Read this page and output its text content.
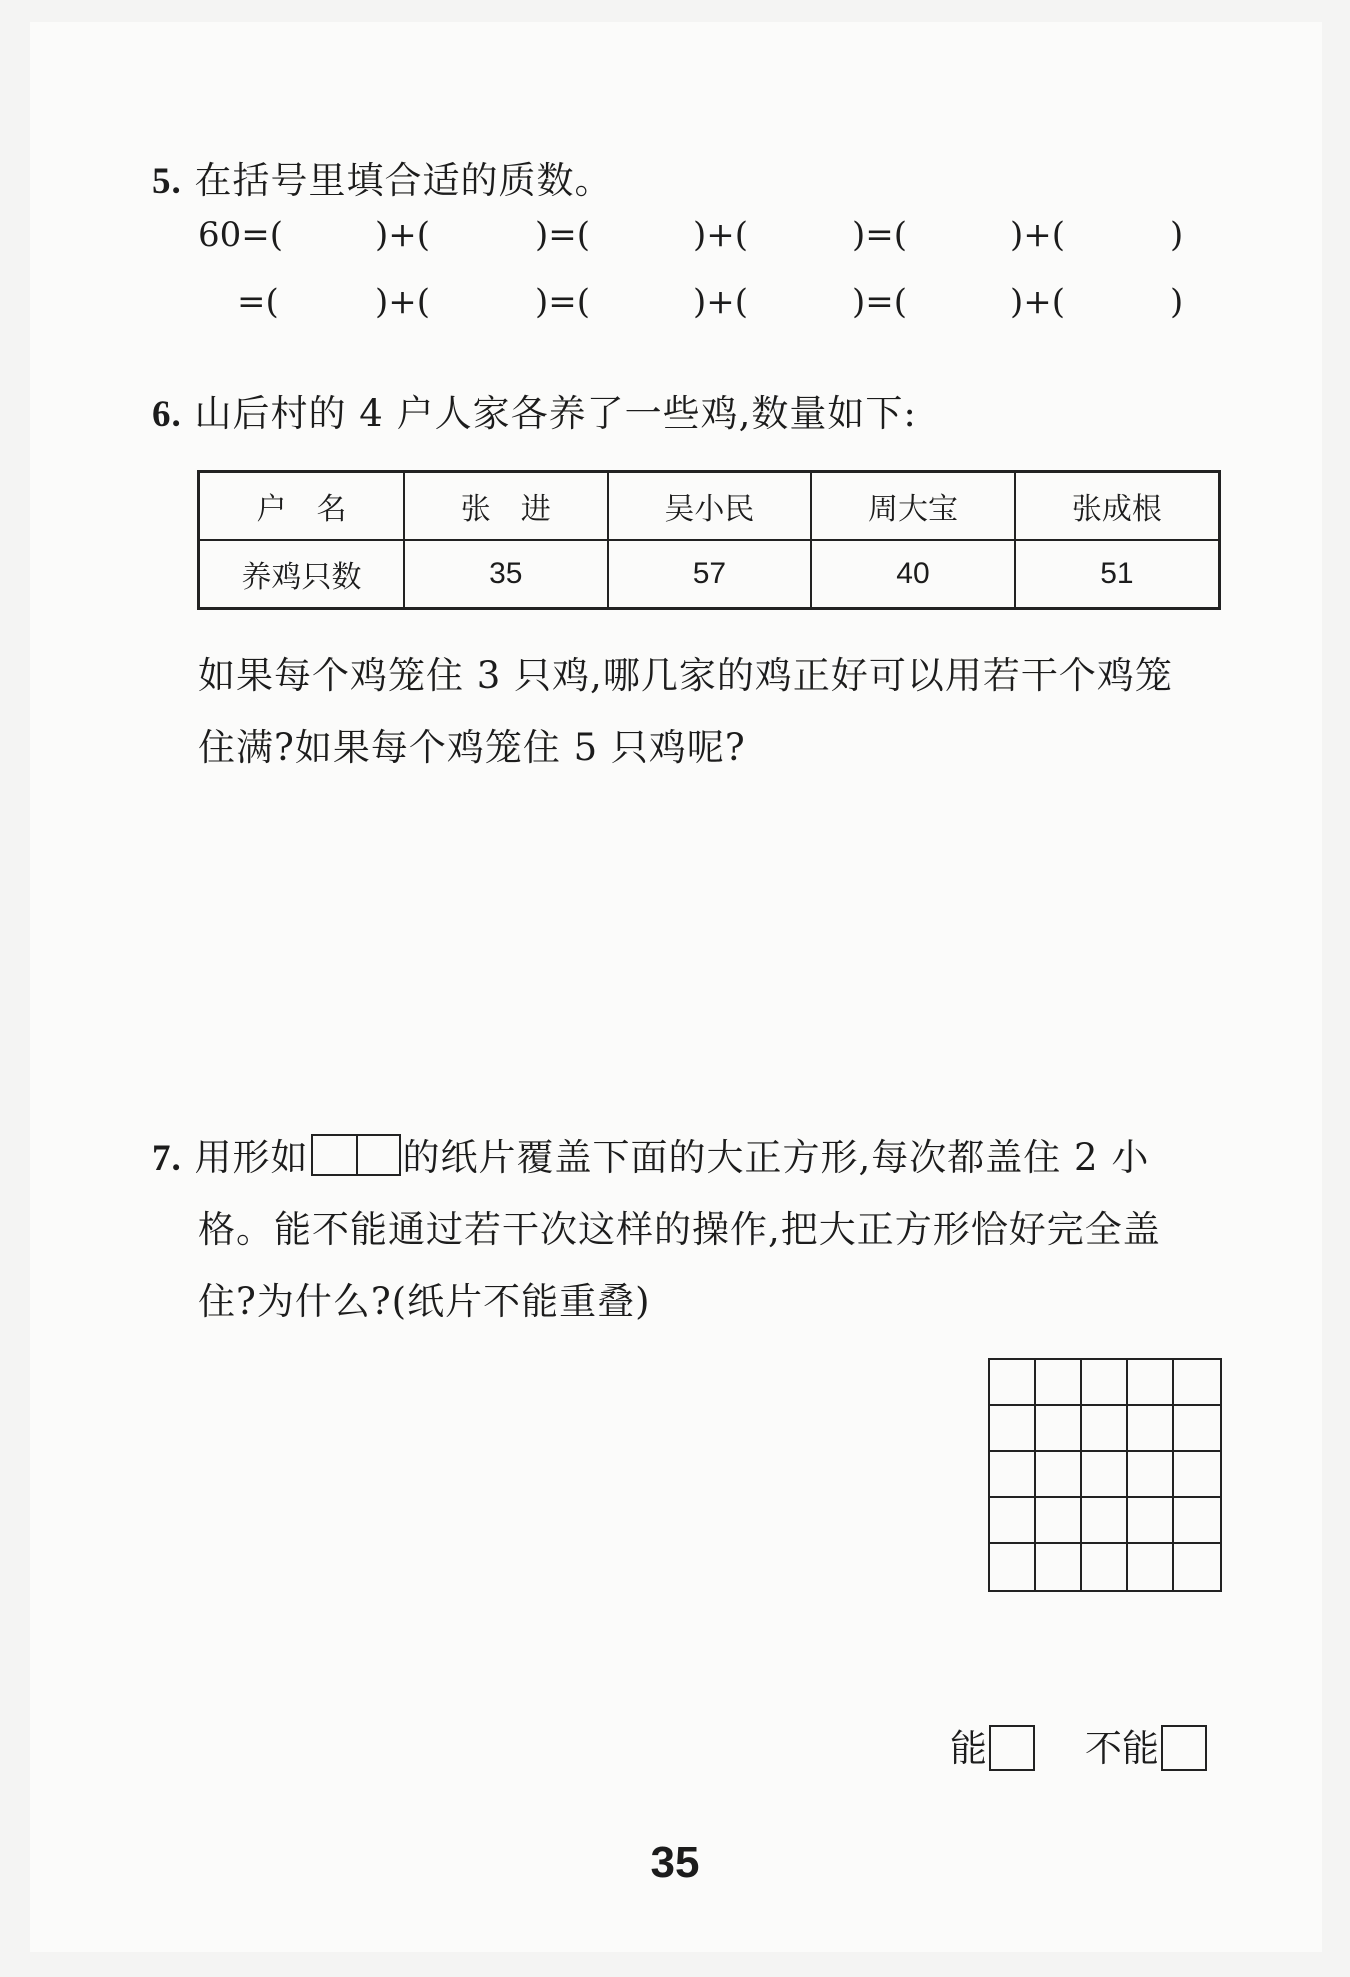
5. 在括号里填合适的质数。
60=(	)+(	)=(	)+(	)=(	)+(	)
=(	)+(	)=(	)+(	)=(	)+(	)
6. 山后村的 4 户人家各养了一些鸡,数量如下:
户　名	张　进	吴小民	周大宝	张成根
养鸡只数	35	57	40	51
如果每个鸡笼住 3 只鸡,哪几家的鸡正好可以用若干个鸡笼
住满?如果每个鸡笼住 5 只鸡呢?
7. 用形如	的纸片覆盖下面的大正方形,每次都盖住 2 小
格。能不能通过若干次这样的操作,把大正方形恰好完全盖
住?为什么?(纸片不能重叠)
能	不能
35
